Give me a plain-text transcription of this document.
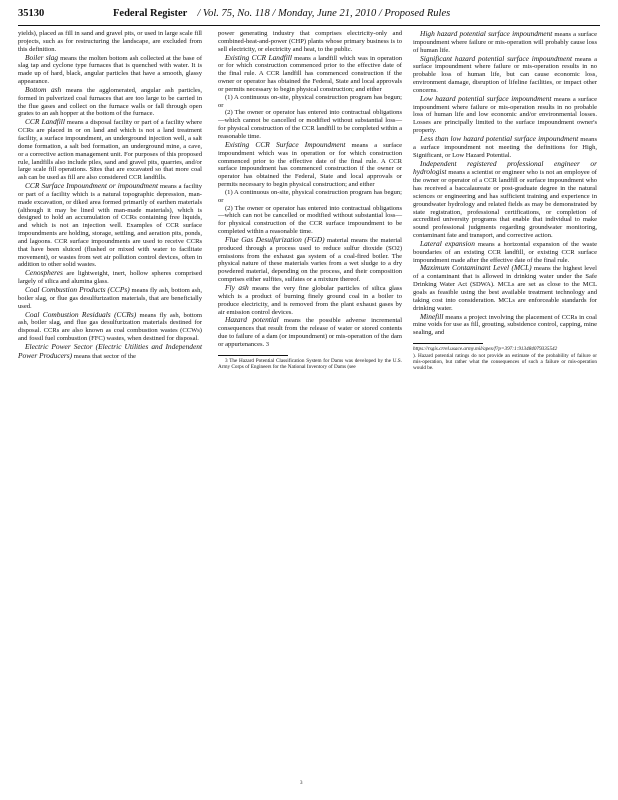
35130	Federal Register / Vol. 75, No. 118 / Monday, June 21, 2010 / Proposed Rules

yields), placed as fill in sand and gravel pits, or used in large scale fill projects, such as for restructuring the landscape, are excluded from this definition.

Boiler slag means the molten bottom ash collected at the base of slag tap and cyclone type furnaces that is quenched with water. It is made up of hard, black, angular particles that have a smooth, glassy appearance.

Bottom ash means the agglomerated, angular ash particles, formed in pulverized coal furnaces that are too large to be carried in the flue gases and collect on the furnace walls or fall through open grates to an ash hopper at the bottom of the furnace.

CCR Landfill means a disposal facility or part of a facility where CCRs are placed in or on land and which is not a land treatment facility, a surface impoundment, an underground injection well, a salt dome formation, a salt bed formation, an underground mine, a cave, or a corrective action management unit. For purposes of this proposed rule, landfills also include piles, sand and gravel pits, quarries, and/or large scale fill operations. Sites that are excavated so that more coal ash can be used as fill are also considered CCR landfills.

CCR Surface Impoundment or impoundment means a facility or part of a facility which is a natural topographic depression, man-made excavation, or diked area formed primarily of earthen materials (although it may be lined with man-made materials), which is designed to hold an accumulation of CCRs containing free liquids, and which is not an injection well. Examples of CCR surface impoundments are holding, storage, settling, and aeration pits, ponds, and lagoons. CCR surface impoundments are used to receive CCRs that have been sluiced (flushed or mixed with water to facilitate movement), or wastes from wet air pollution control devices, often in addition to other solid wastes.

Cenospheres are lightweight, inert, hollow spheres comprised largely of silica and alumina glass.

Coal Combustion Products (CCPs) means fly ash, bottom ash, boiler slag, or flue gas desulfurization materials, that are beneficially used.

Coal Combustion Residuals (CCRs) means fly ash, bottom ash, boiler slag, and flue gas desulfurization materials destined for disposal. CCRs are also known as coal combustion wastes (CCWs) and fossil fuel combustion (FFC) wastes, when destined for disposal.

Electric Power Sector (Electric Utilities and Independent Power Producers) means that sector of the

power generating industry that comprises electricity-only and combined-heat-and-power (CHP) plants whose primary business is to sell electricity, or electricity and heat, to the public.

Existing CCR Landfill means a landfill which was in operation or for which construction commenced prior to the effective date of the final rule. A CCR landfill has commenced construction if the owner or operator has obtained the Federal, State and local approvals or permits necessary to begin physical construction; and either

(1) A continuous on-site, physical construction program has begun; or

(2) The owner or operator has entered into contractual obligations—which cannot be cancelled or modified without substantial loss—for physical construction of the CCR landfill to be completed within a reasonable time.

Existing CCR Surface Impoundment means a surface impoundment which was in operation or for which construction commenced prior to the effective date of the final rule. A CCR surface impoundment has commenced construction if the owner or operator has obtained the Federal, State and local approvals or permits necessary to begin physical construction; and either

(1) A continuous on-site, physical construction program has begun; or

(2) The owner or operator has entered into contractual obligations—which can not be cancelled or modified without substantial loss—for physical construction of the CCR surface impoundment to be completed within a reasonable time.

Flue Gas Desulfurization (FGD) material means the material produced through a process used to reduce sulfur dioxide (SO2) emissions from the exhaust gas system of a coal-fired boiler. The physical nature of these materials varies from a wet sludge to a dry powdered material, depending on the process, and their composition comprises either sulfites, sulfates or a mixture thereof.

Fly ash means the very fine globular particles of silica glass which is a product of burning finely ground coal in a boiler to produce electricity, and is removed from the plant exhaust gases by air emission control devices.

Hazard potential means the possible adverse incremental consequences that result from the release of water or stored contents due to failure of a dam (or impoundment) or mis-operation of the dam or appurtenances. 3

3 The Hazard Potential Classification System for Dams was developed by the U.S. Army Corps of Engineers for the National Inventory of Dams (see

High hazard potential surface impoundment means a surface impoundment where failure or mis-operation will probably cause loss of human life.

Significant hazard potential surface impoundment means a surface impoundment where failure or mis-operation results in no probable loss of human life, but can cause economic loss, environment damage, disruption of lifeline facilities, or impact other concerns.

Low hazard potential surface impoundment means a surface impoundment where failure or mis-operation results in no probable loss of human life and low economic and/or environmental losses. Losses are principally limited to the surface impoundment owner's property.

Less than low hazard potential surface impoundment means a surface impoundment not meeting the definitions for High, Significant, or Low Hazard Potential.

Independent registered professional engineer or hydrologist means a scientist or engineer who is not an employee of the owner or operator of a CCR landfill or surface impoundment who has received a baccalaureate or post-graduate degree in the natural sciences or engineering and has sufficient training and experience in groundwater hydrology and related fields as may be demonstrated by state registration, professional certifications, or completion of accredited university programs that enable that individual to make sound professional judgments regarding groundwater monitoring, contaminant fate and transport, and corrective action.

Lateral expansion means a horizontal expansion of the waste boundaries of an existing CCR landfill, or existing CCR surface impoundment made after the effective date of the final rule.

Maximum Contaminant Level (MCL) means the highest level of a contaminant that is allowed in drinking water under the Safe Drinking Water Act (SDWA). MCLs are set as close to the MCL goals as feasible using the best available treatment technology and taking cost into consideration. MCLs are enforceable standards for drinking water.

Minefill means a project involving the placement of CCRs in coal mine voids for use as fill, grouting, subsidence control, capping, mine sealing, and

https://rsgis.crrel.usace.army.mil/apex/f?p=397:1:913484079335542

). Hazard potential ratings do not provide an estimate of the probability of failure or mis-operation, but rather what the consequences of such a failure or mis-operation would be.

3
